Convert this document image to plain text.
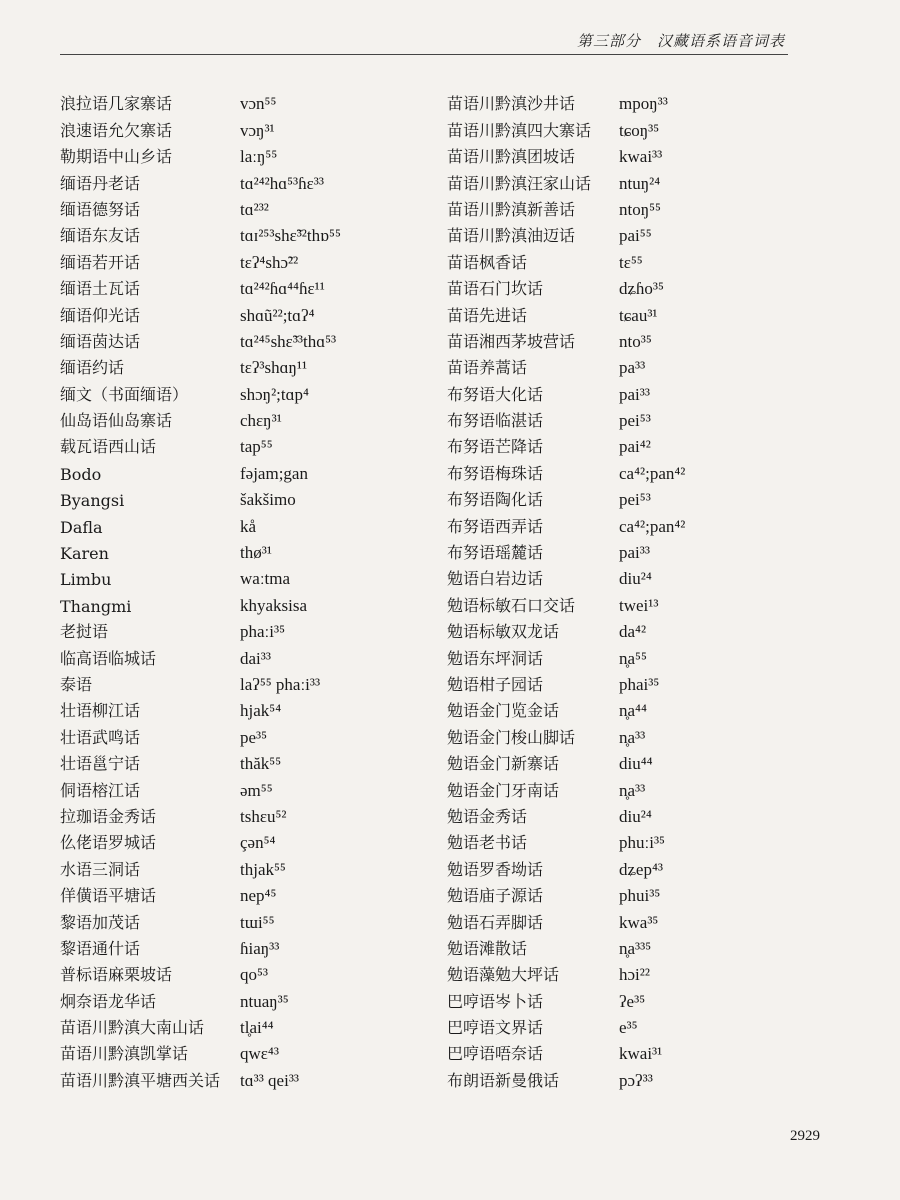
第三部分　汉藏语系语音词表
浪拉语几家寨话	vɔn⁵⁵
浪速语允欠寨话	vɔŋ³¹
勒期语中山乡话	laːŋ⁵⁵
缅语丹老话	tɑ²⁴²hɑ⁵³ɦɛ³³
缅语德努话	tɑ²³²
缅语东友话	tɑɪ²⁵³shɛ̃³²thɒ⁵⁵
缅语若开话	tɛʔ⁴shɔ̃²²
缅语土瓦话	tɑ²⁴²ɦɑ⁴⁴ɦɛ¹¹
缅语仰光话	shɑũ²²;tɑʔ⁴
缅语茵达话	tɑ²⁴⁵shɛ̃³³thɑ⁵³
缅语约话	tɛʔ³shɑŋ¹¹
缅文（书面缅语）	shɔŋ²;tɑp⁴
仙岛语仙岛寨话	chɛŋ³¹
载瓦语西山话	tap⁵⁵
Bodo	fəjam;gan
Byangsi	šakšimo
Dafla	kå
Karen	thø³¹
Limbu	waːtma
Thangmi	khyaksisa
老挝语	phaːi³⁵
临高语临城话	dai³³
泰语	laʔ⁵⁵ phaːi³³
壮语柳江话	hjak⁵⁴
壮语武鸣话	pe³⁵
壮语邕宁话	thăk⁵⁵
侗语榕江话	əm⁵⁵
拉珈语金秀话	tshɛu⁵²
仫佬语罗城话	çən⁵⁴
水语三洞话	thjak⁵⁵
佯僙语平塘话	nep⁴⁵
黎语加茂话	tɯi⁵⁵
黎语通什话	ɦiaŋ³³
普标语麻栗坡话	qo⁵³
炯奈语龙华话	ntuaŋ³⁵
苗语川黔滇大南山话	tl̥ai⁴⁴
苗语川黔滇凯掌话	qwɛ⁴³
苗语川黔滇平塘西关话	tɑ³³ qei³³
苗语川黔滇沙井话	mpoŋ³³
苗语川黔滇四大寨话	tɕoŋ³⁵
苗语川黔滇团坡话	kwai³³
苗语川黔滇汪家山话	ntuŋ²⁴
苗语川黔滇新善话	ntoŋ⁵⁵
苗语川黔滇油迈话	pai⁵⁵
苗语枫香话	tɛ⁵⁵
苗语石门坎话	dʑɦo³⁵
苗语先进话	tɕau³¹
苗语湘西茅坡营话	nto³⁵
苗语养蒿话	pa³³
布努语大化话	pai³³
布努语临湛话	pei⁵³
布努语芒降话	pai⁴²
布努语梅珠话	ca⁴²;pan⁴²
布努语陶化话	pei⁵³
布努语西弄话	ca⁴²;pan⁴²
布努语瑶麓话	pai³³
勉语白岩边话	diu²⁴
勉语标敏石口交话	twei¹³
勉语标敏双龙话	da⁴²
勉语东坪洞话	n̥a⁵⁵
勉语柑子园话	phai³⁵
勉语金门览金话	n̥a⁴⁴
勉语金门梭山脚话	n̥a³³
勉语金门新寨话	diu⁴⁴
勉语金门牙南话	n̥a³³
勉语金秀话	diu²⁴
勉语老书话	phuːi³⁵
勉语罗香坳话	dʑep⁴³
勉语庙子源话	phui³⁵
勉语石弄脚话	kwa³⁵
勉语滩散话	n̥a³³⁵
勉语藻勉大坪话	hɔi²²
巴哼语岑卜话	ʔe³⁵
巴哼语文界话	e³⁵
巴哼语唔奈话	kwai³¹
布朗语新曼俄话	pɔʔ³³
2929
